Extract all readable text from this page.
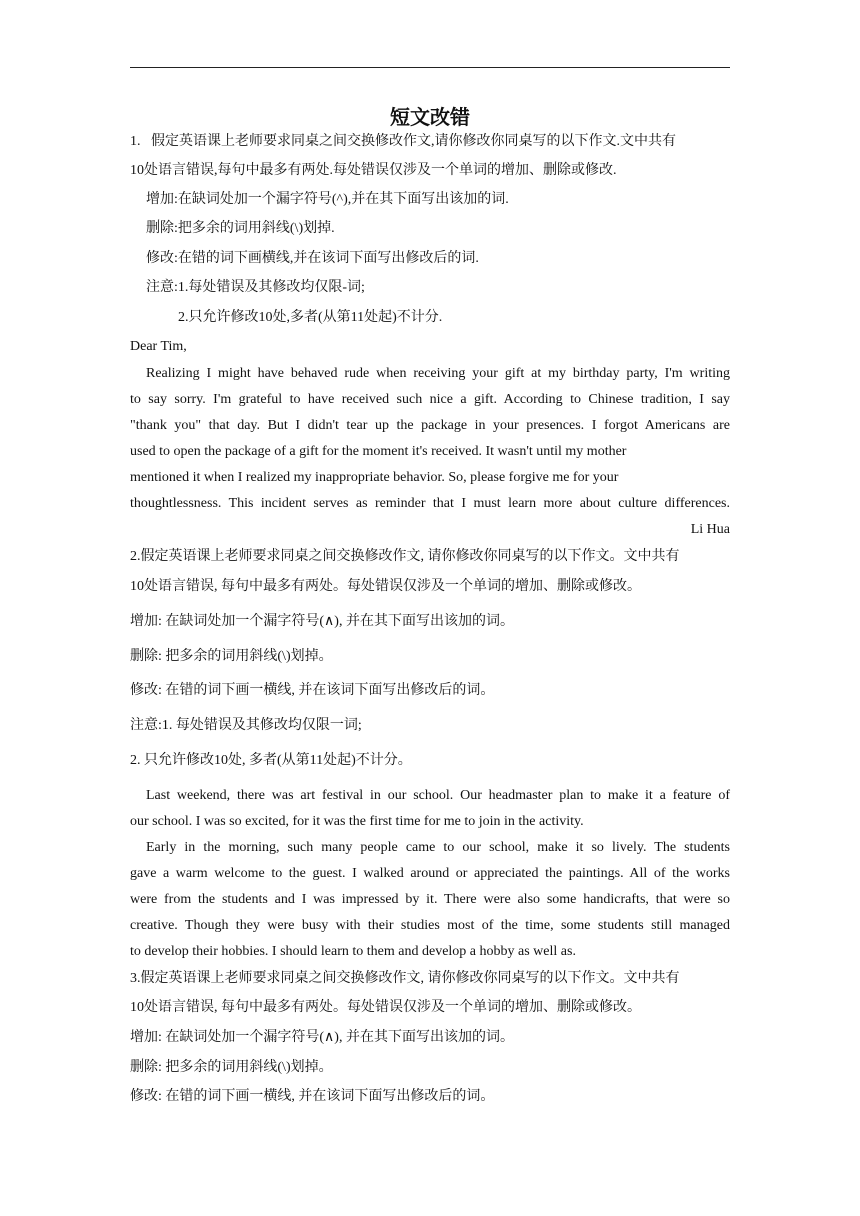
短文改错
1.   假定英语课上老师要求同桌之间交换修改作文,请你修改你同桌写的以下作文.文中共有
10处语言错误,每句中最多有两处.每处错误仅涉及一个单词的增加、删除或修改.
增加:在缺词处加一个漏字符号(^),并在其下面写出该加的词.
删除:把多余的词用斜线(\)划掉.
修改:在错的词下画横线,并在该词下面写出修改后的词.
注意:1.每处错误及其修改均仅限-词;
2.只允许修改10处,多者(从第11处起)不计分.
Dear Tim,
Realizing I might have behaved rude when receiving your gift at my birthday party, I'm writing
to say sorry. I'm grateful to have received such nice a gift. According to Chinese tradition, I say
"thank you" that day. But I didn't tear up the package in your presences. I forgot Americans are
used to open the package of a gift for the moment it's received. It wasn't until my mother
mentioned it when I realized my inappropriate behavior. So, please forgive me for your
thoughtlessness. This incident serves as reminder that I must learn more about culture differences.
Li Hua
2.假定英语课上老师要求同桌之间交换修改作文, 请你修改你同桌写的以下作文。文中共有
10处语言错误, 每句中最多有两处。每处错误仅涉及一个单词的增加、删除或修改。
增加: 在缺词处加一个漏字符号(∧), 并在其下面写出该加的词。
删除: 把多余的词用斜线(\)划掉。
修改: 在错的词下画一横线, 并在该词下面写出修改后的词。
注意:1. 每处错误及其修改均仅限一词;
2. 只允许修改10处, 多者(从第11处起)不计分。
Last weekend, there was art festival in our school. Our headmaster plan to make it a feature of
our school. I was so excited, for it was the first time for me to join in the activity.
Early in the morning, such many people came to our school, make it so lively. The students
gave a warm welcome to the guest. I walked around or appreciated the paintings. All of the works
were from the students and I was impressed by it. There were also some handicrafts, that were so
creative. Though they were busy with their studies most of the time, some students still managed
to develop their hobbies. I should learn to them and develop a hobby as well as.
3.假定英语课上老师要求同桌之间交换修改作文, 请你修改你同桌写的以下作文。文中共有
10处语言错误, 每句中最多有两处。每处错误仅涉及一个单词的增加、删除或修改。
增加: 在缺词处加一个漏字符号(∧), 并在其下面写出该加的词。
删除: 把多余的词用斜线(\)划掉。
修改: 在错的词下画一横线, 并在该词下面写出修改后的词。
